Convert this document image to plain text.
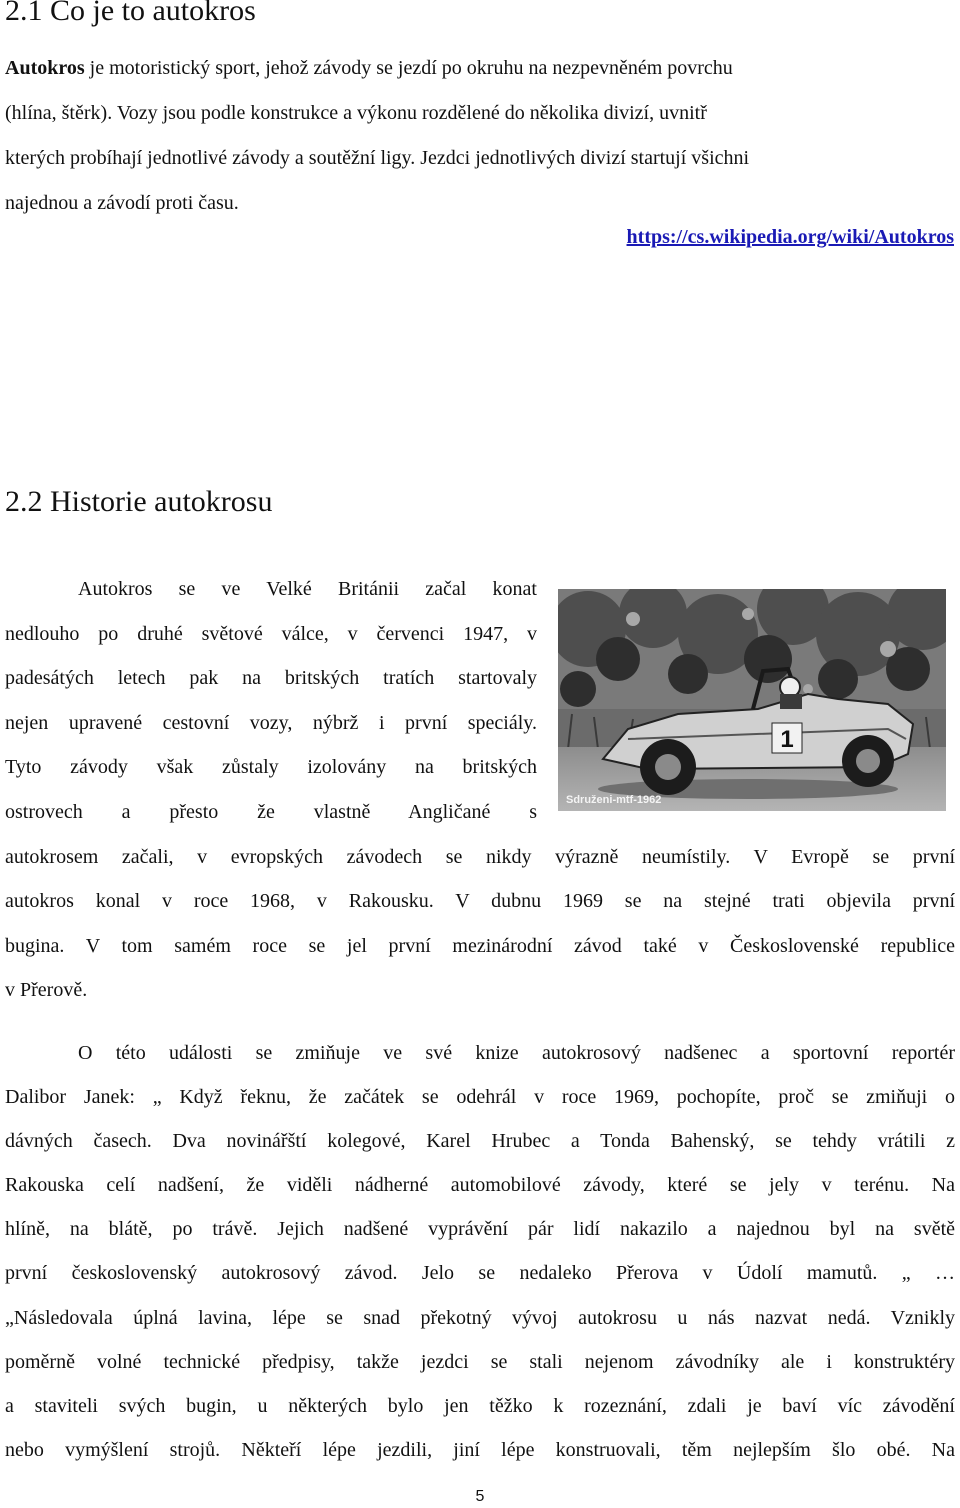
2.1 Co je to autokros

Autokros je motoristický sport, jehož závody se jezdí po okruhu na nezpevněném povrchu
(hlína, štěrk). Vozy jsou podle konstrukce a výkonu rozdělené do několika divizí, uvnitř
kterých probíhají jednotlivé závody a soutěžní ligy. Jezdci jednotlivých divizí startují všichni
najednou a závodí proti času.

https://cs.wikipedia.org/wiki/Autokros
2.2 Historie autokrosu

Autokros se ve Velké Británii začal konat
nedlouho po druhé světové válce, v červenci 1947, v
padesátých letech pak na britských tratích startovaly
nejen upravené cestovní vozy, nýbrž i první speciály.
Tyto závody však zůstaly izolovány na britských
ostrovech a přesto že vlastně Angličané s
autokrosem začali, v evropských závodech se nikdy výrazně neumístily. V Evropě se první
autokros konal v roce 1968, v Rakousku. V dubnu 1969 se na stejné trati objevila první
bugina. V tom samém roce se jel první mezinárodní závod také v Československé republice
v Přerově.

1
Sdruženi-mtf-1962

O této události se zmiňuje ve své knize autokrosový nadšenec a sportovní reportér
Dalibor Janek: „ Když řeknu, že začátek se odehrál v roce 1969, pochopíte, proč se zmiňuji o
dávných časech. Dva novinářští kolegové, Karel Hrubec a Tonda Bahenský, se tehdy vrátili z
Rakouska celí nadšení, že viděli nádherné automobilové závody, které se jely v terénu. Na
hlíně, na blátě, po trávě. Jejich nadšené vyprávění pár lidí nakazilo a najednou byl na světě
první československý autokrosový závod. Jelo se nedaleko Přerova v Údolí mamutů. „ …
„Následovala úplná lavina, lépe se snad překotný vývoj autokrosu u nás nazvat nedá. Vznikly
poměrně volné technické předpisy, takže jezdci se stali nejenom závodníky ale i konstruktéry
a staviteli svých bugin, u některých bylo jen těžko k rozeznání, zdali je baví víc závodění
nebo vymýšlení strojů. Někteří lépe jezdili, jiní lépe konstruovali, těm nejlepším šlo obé. Na

5
